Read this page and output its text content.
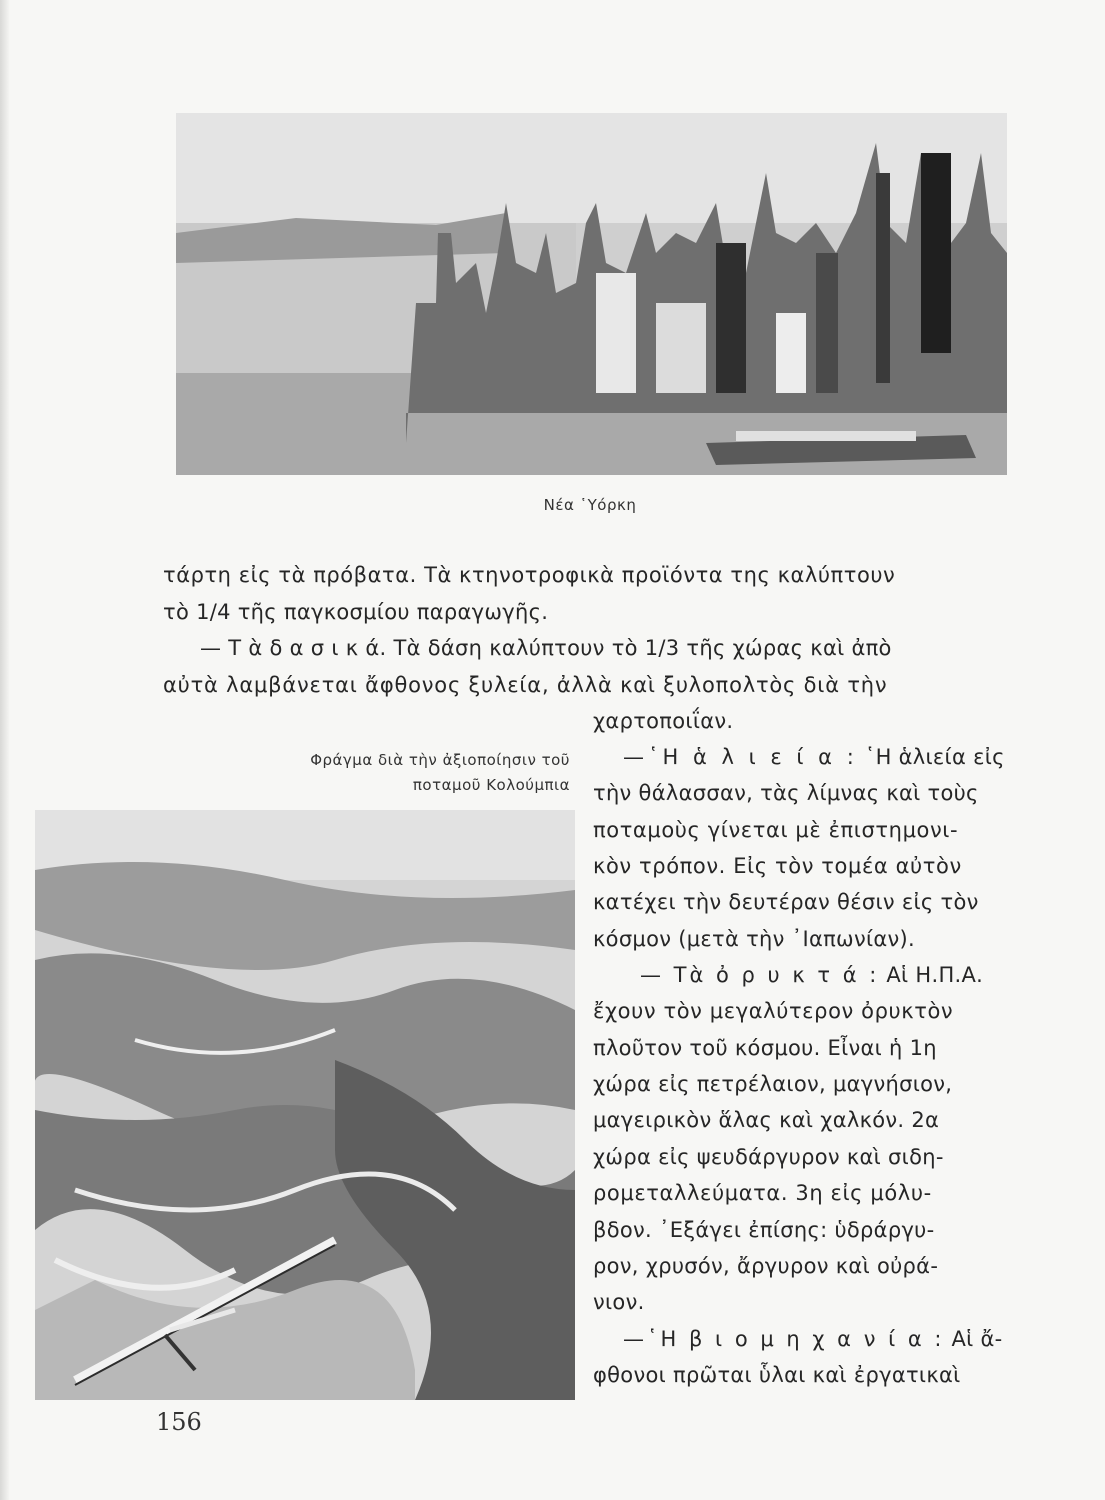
Νέα ῾Υόρκη
τάρτη εἰς τὰ πρόβατα. Τὰ κτηνοτροφικὰ προϊόντα της καλύπτουν
τὸ 1/4 τῆς παγκοσμίου παραγωγῆς.
— Τ ὰ δ α σ ι κ ά. Τὰ δάση καλύπτουν τὸ 1/3 τῆς χώρας καὶ ἀπὸ
αὐτὰ λαμβάνεται ἄφθονος ξυλεία, ἀλλὰ καὶ ξυλοπολτὸς διὰ τὴν
χαρτοποιΐαν.
Φράγμα διὰ τὴν ἀξιοποίησιν τοῦ
ποταμοῦ Κολούμπια
—῾Η ἁ λ ι ε ί α : ῾Η ἁλιεία εἰς
τὴν θάλασσαν, τὰς λίμνας καὶ τοὺς
ποταμοὺς γίνεται μὲ ἐπιστημονι-
κὸν τρόπον. Εἰς τὸν τομέα αὐτὸν
κατέχει τὴν δευτέραν θέσιν εἰς τὸν
κόσμον (μετὰ τὴν ᾿Ιαπωνίαν).
— Τὰ ὀ ρ υ κ τ ά : Αἱ Η.Π.Α.
ἔχουν τὸν μεγαλύτερον ὀρυκτὸν
πλοῦτον τοῦ κόσμου. Εἶναι ἡ 1η
χώρα εἰς πετρέλαιον, μαγνήσιον,
μαγειρικὸν ἅλας καὶ χαλκόν. 2α
χώρα εἰς ψευδάργυρον καὶ σιδη-
ρομεταλλεύματα. 3η εἰς μόλυ-
βδον. ᾿Εξάγει ἐπίσης: ὑδράργυ-
ρον, χρυσόν, ἄργυρον καὶ οὐρά-
νιον.
—῾Η β ι ο μ η χ α ν ί α : Αἱ ἄ-
φθονοι πρῶται ὗλαι καὶ ἐργατικαὶ
156
